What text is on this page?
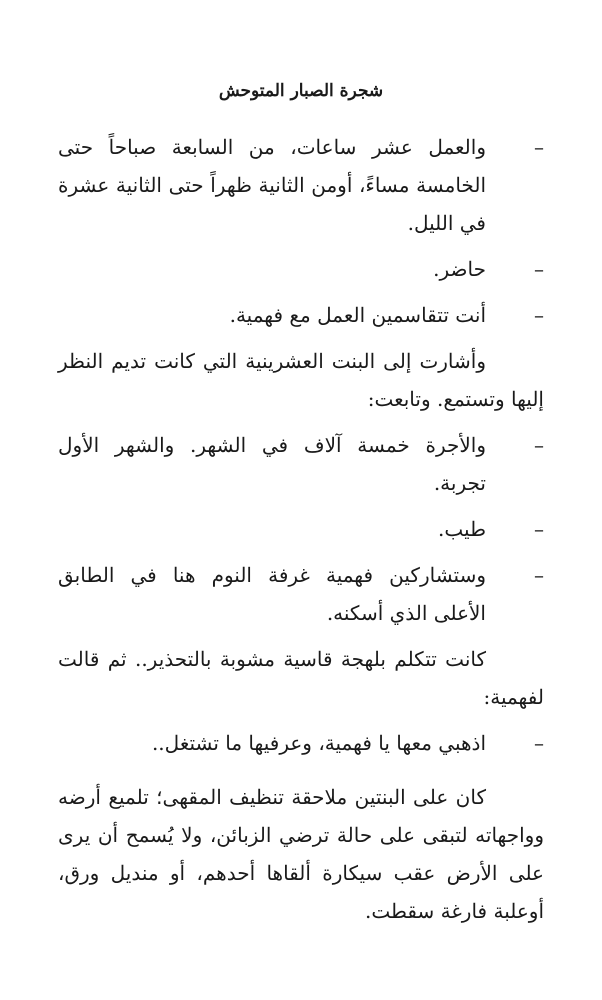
شجرة الصبار المتوحش

–
والعمل عشر ساعات، من السابعة صباحاً حتى الخامسة مساءً، أومن الثانية ظهراً حتى الثانية عشرة في الليل.

–
حاضر.

–
أنت تتقاسمين العمل مع فهمية.

وأشارت إلى البنت العشرينية التي كانت تديم النظر إليها وتستمع. وتابعت:

–
والأجرة خمسة آلاف في الشهر. والشهر الأول تجربة.

–
طيب.

–
وستشاركين فهمية غرفة النوم هنا في الطابق الأعلى الذي أسكنه.

كانت تتكلم بلهجة قاسية مشوبة بالتحذير.. ثم قالت لفهمية:

–
اذهبي معها يا فهمية، وعرفيها ما تشتغل..

كان على البنتين ملاحقة تنظيف المقهى؛ تلميع أرضه وواجهاته لتبقى على حالة ترضي الزبائن، ولا يُسمح أن يرى على الأرض عقب سيكارة ألقاها أحدهم، أو منديل ورق، أوعلبة فارغة سقطت.
